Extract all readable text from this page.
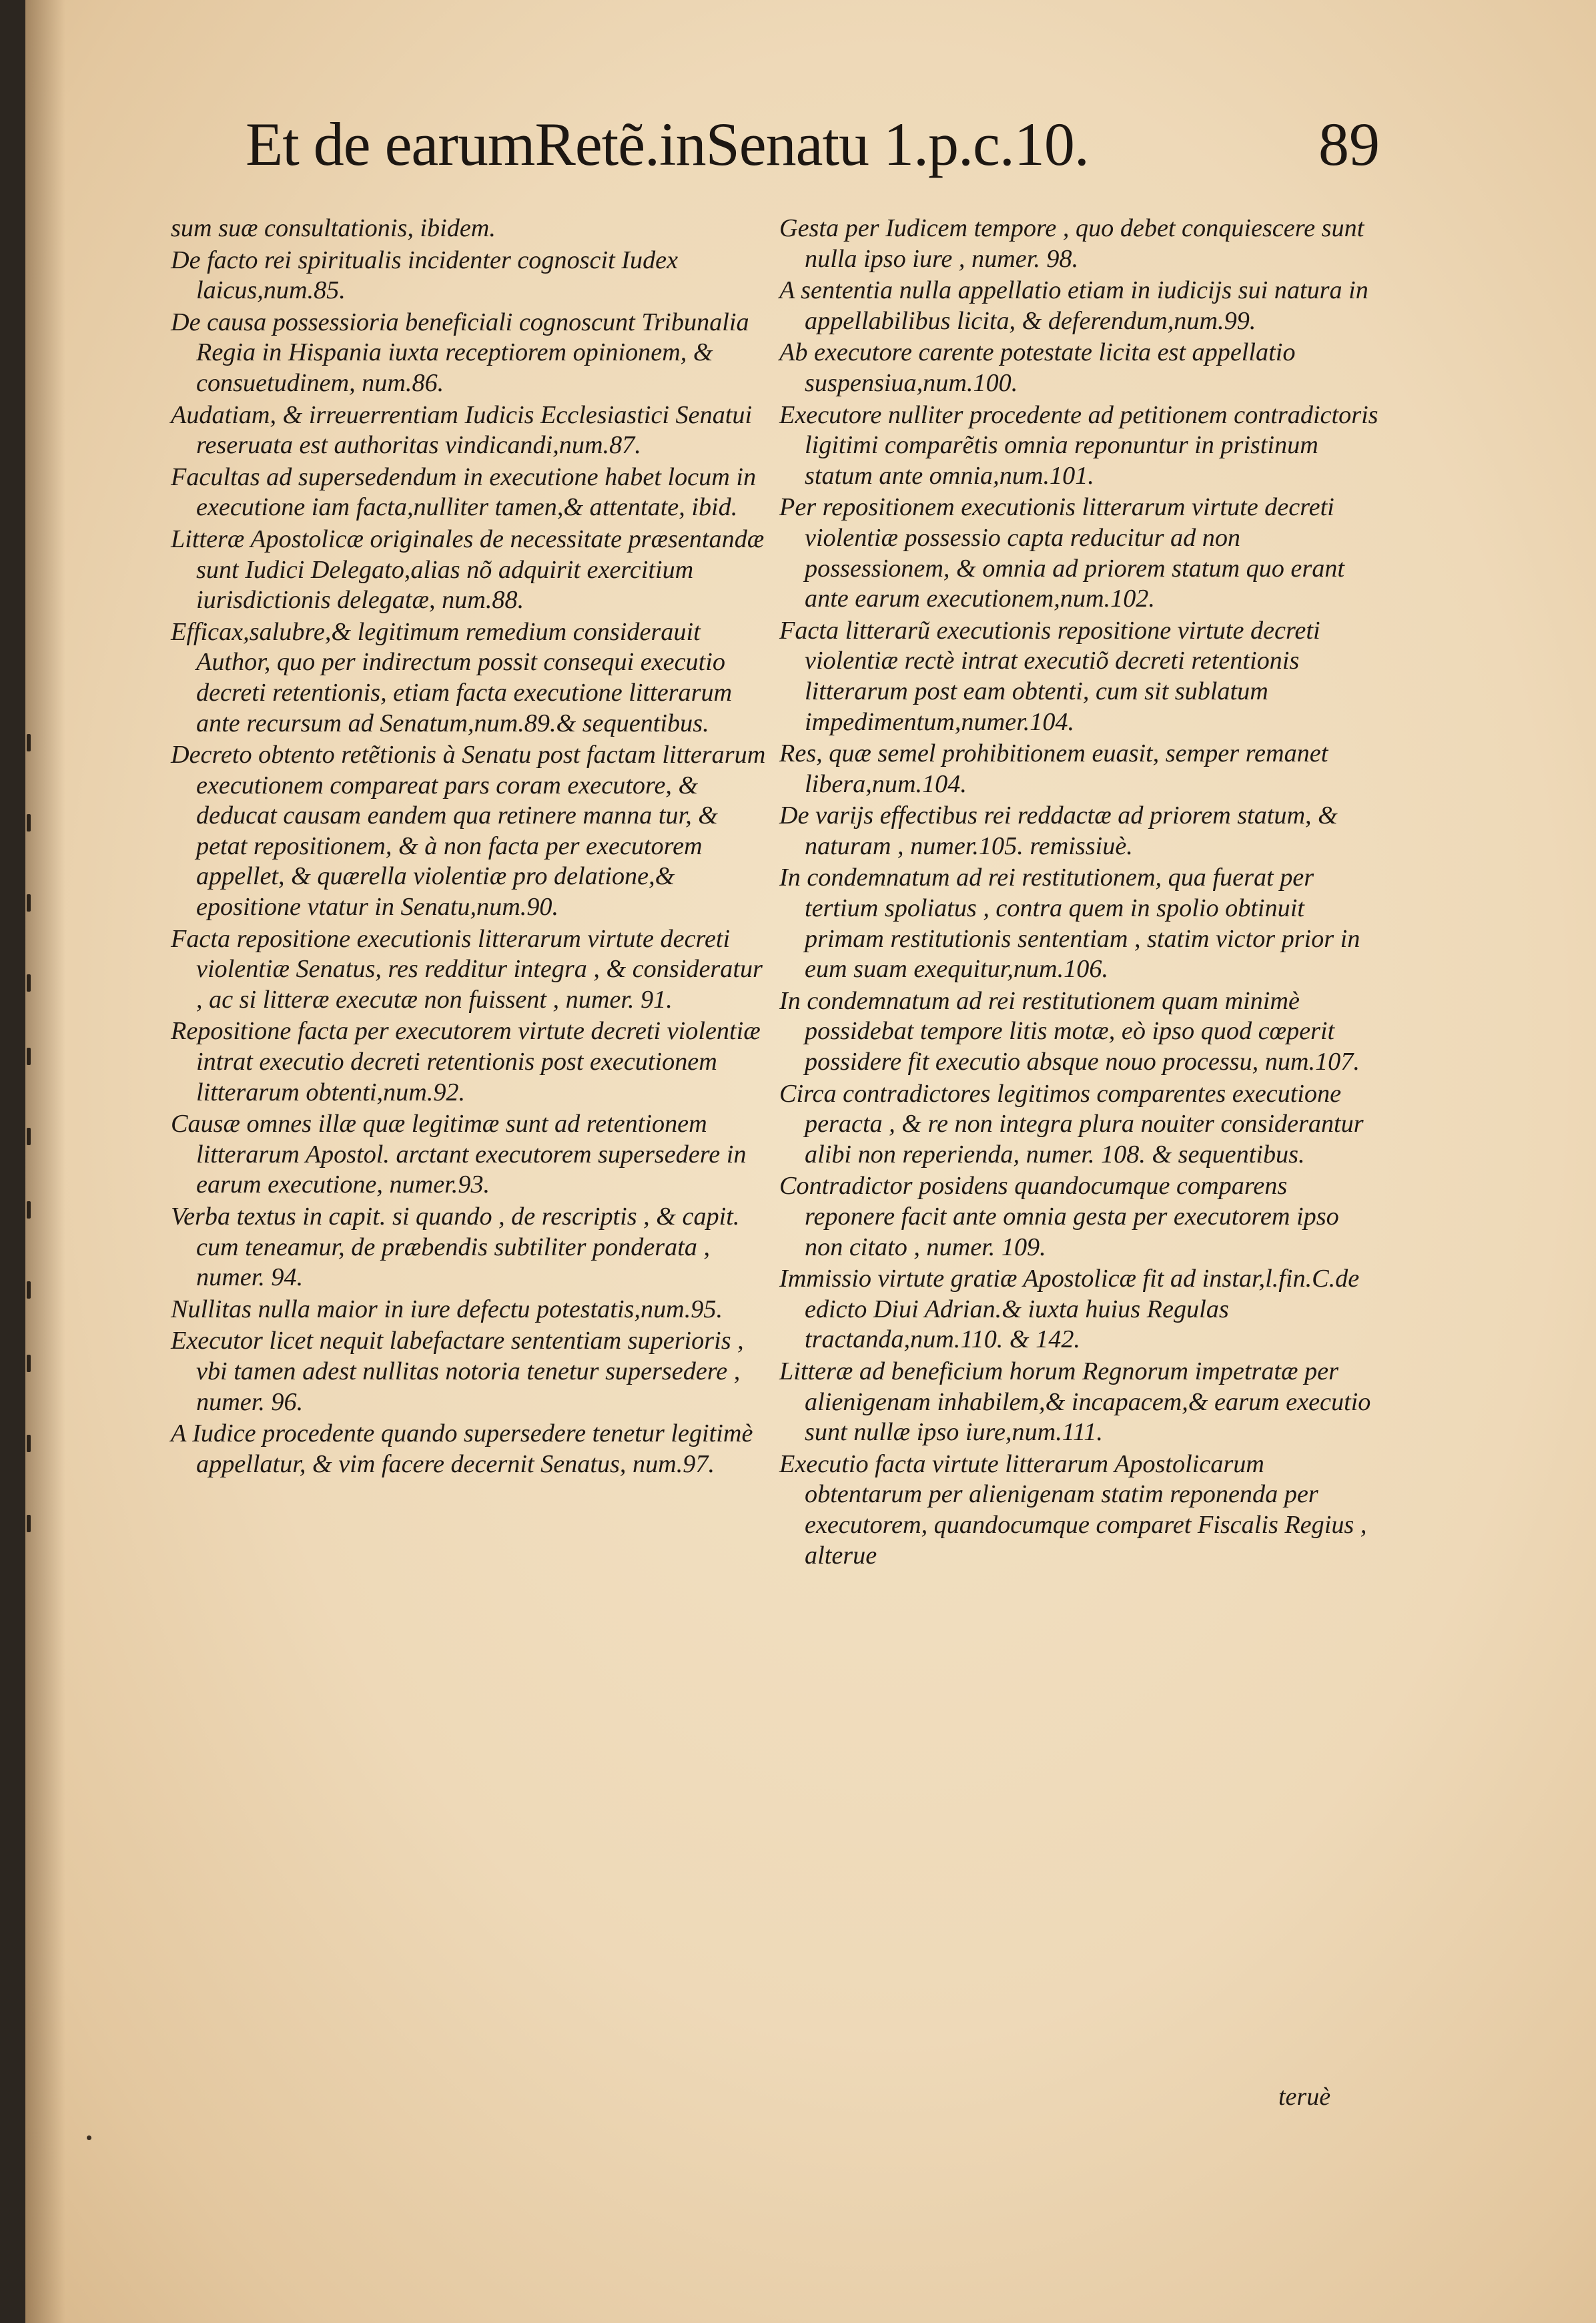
Et de earumRetẽ.inSenatu 1.p.c.10.	89

sum suæ consultationis, ibidem.

De facto rei spiritualis incidenter cognoscit Iudex laicus,num.85.

De causa possessioria beneficiali cognoscunt Tribunalia Regia in Hispania iuxta receptiorem opinionem, & consuetudinem, num.86.

Audatiam, & irreuerrentiam Iudicis Ecclesiastici Senatui reseruata est authoritas vindicandi,num.87.

Facultas ad supersedendum in executione habet locum in executione iam facta,nulliter tamen,& attentate, ibid.

Litteræ Apostolicæ originales de necessitate præsentandæ sunt Iudici Delegato,alias nõ adquirit exercitium iurisdictionis delegatæ, num.88.

Efficax,salubre,& legitimum remedium considerauit Author, quo per indirectum possit consequi executio decreti retentionis, etiam facta executione litterarum ante recursum ad Senatum,num.89.& sequentibus.

Decreto obtento retẽtionis à Senatu post factam litterarum executionem compareat pars coram executore, & deducat causam eandem qua retinere manna tur, & petat repositionem, & à non facta per executorem appellet, & quærella violentiæ pro delatione,& epositione vtatur in Senatu,num.90.

Facta repositione executionis litterarum virtute decreti violentiæ Senatus, res redditur integra , & consideratur , ac si litteræ executæ non fuissent , numer. 91.

Repositione facta per executorem virtute decreti violentiæ intrat executio decreti retentionis post executionem litterarum obtenti,num.92.

Causæ omnes illæ quæ legitimæ sunt ad retentionem litterarum Apostol. arctant executorem supersedere in earum executione, numer.93.

Verba textus in capit. si quando , de rescriptis , & capit. cum teneamur, de præbendis subtiliter ponderata , numer. 94.

Nullitas nulla maior in iure defectu potestatis,num.95.

Executor licet nequit labefactare sententiam superioris , vbi tamen adest nullitas notoria tenetur supersedere , numer. 96.

A Iudice procedente quando supersedere tenetur legitimè appellatur, & vim facere decernit Senatus, num.97.

Gesta per Iudicem tempore , quo debet conquiescere sunt nulla ipso iure , numer. 98.

A sententia nulla appellatio etiam in iudicijs sui natura in appellabilibus licita, & deferendum,num.99.

Ab executore carente potestate licita est appellatio suspensiua,num.100.

Executore nulliter procedente ad petitionem contradictoris ligitimi comparẽtis omnia reponuntur in pristinum statum ante omnia,num.101.

Per repositionem executionis litterarum virtute decreti violentiæ possessio capta reducitur ad non possessionem, & omnia ad priorem statum quo erant ante earum executionem,num.102.

Facta litterarũ executionis repositione virtute decreti violentiæ rectè intrat executiõ decreti retentionis litterarum post eam obtenti, cum sit sublatum impedimentum,numer.104.

Res, quæ semel prohibitionem euasit, semper remanet libera,num.104.

De varijs effectibus rei reddactæ ad priorem statum, & naturam , numer.105. remissiuè.

In condemnatum ad rei restitutionem, qua fuerat per tertium spoliatus , contra quem in spolio obtinuit primam restitutionis sententiam , statim victor prior in eum suam exequitur,num.106.

In condemnatum ad rei restitutionem quam minimè possidebat tempore litis motæ, eò ipso quod cœperit possidere fit executio absque nouo processu, num.107.

Circa contradictores legitimos comparentes executione peracta , & re non integra plura nouiter considerantur alibi non reperienda, numer. 108. & sequentibus.

Contradictor posidens quandocumque comparens reponere facit ante omnia gesta per executorem ipso non citato , numer. 109.

Immissio virtute gratiæ Apostolicæ fit ad instar,l.fin.C.de edicto Diui Adrian.& iuxta huius Regulas tractanda,num.110. & 142.

Litteræ ad beneficium horum Regnorum impetratæ per alienigenam inhabilem,& incapacem,& earum executio sunt nullæ ipso iure,num.111.

Executio facta virtute litterarum Apostolicarum obtentarum per alienigenam statim reponenda per executorem, quandocumque comparet Fiscalis Regius , alterue

teruè
